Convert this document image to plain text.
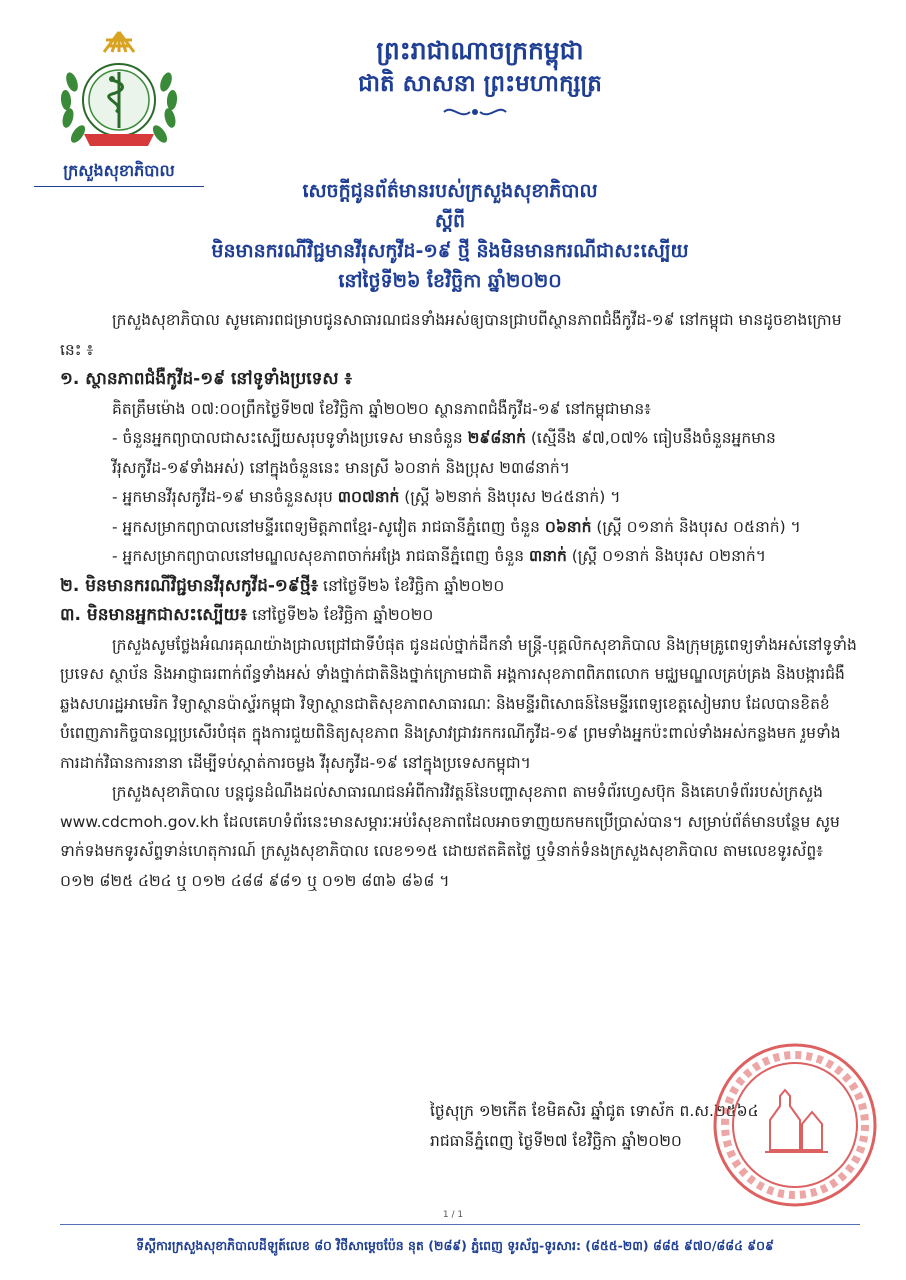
ក្រសួងសុខាភិបាល
ព្រះរាជាណាចក្រកម្ពុជា
ជាតិ សាសនា ព្រះមហាក្សត្រ
សេចក្តីជូនព័ត៌មានរបស់ក្រសួងសុខាភិបាល
ស្តីពី
មិនមានករណីវិជ្ជមានវីរុសកូវីដ-១៩ ថ្មី និងមិនមានករណីជាសះស្បើយ
នៅថ្ងៃទី២៦ ខែវិច្ឆិកា ឆ្នាំ២០២០

ក្រសួងសុខាភិបាល សូមគោរពជម្រាបជូនសាធារណជនទាំងអស់ឲ្យបានជ្រាបពីស្ថានភាពជំងឺកូវីដ-១៩ នៅកម្ពុជា មានដូចខាងក្រោមនេះ ៖

១. ស្ថានភាពជំងឺកូវីដ-១៩ នៅទូទាំងប្រទេស ៖

គិតត្រឹមម៉ោង ០៧:០០ព្រឹកថ្ងៃទី២៧ ខែវិច្ឆិកា ឆ្នាំ២០២០ ស្ថានភាពជំងឺកូវីដ-១៩ នៅកម្ពុជាមាន៖

- ចំនួនអ្នកព្យាបាលជាសះស្បើយសរុបទូទាំងប្រទេស មានចំនួន ២៩៨នាក់ (ស្មើនឹង ៩៧,០៧% ធៀបនឹងចំនួនអ្នកមានវីរុសកូវីដ-១៩ទាំងអស់) នៅក្នុងចំនួននេះ មានស្រី ៦០នាក់ និងប្រុស ២៣៨នាក់។

- អ្នកមានវីរុសកូវីដ-១៩ មានចំនួនសរុប ៣០៧នាក់ (ស្ត្រី ៦២នាក់ និងបុរស ២៤៥នាក់) ។

- អ្នកសម្រាកព្យាបាលនៅមន្ទីរពេទ្យមិត្តភាពខ្មែរ-សូវៀត រាជធានីភ្នំពេញ ចំនួន ០៦នាក់ (ស្ត្រី ០១នាក់ និងបុរស ០៥នាក់) ។

- អ្នកសម្រាកព្យាបាលនៅមណ្ឌលសុខភាពចាក់អង្រែ រាជធានីភ្នំពេញ ចំនួន ៣នាក់ (ស្ត្រី ០១នាក់ និងបុរស ០២នាក់។

២. មិនមានករណីវិជ្ជមានវីរុសកូវីដ-១៩ថ្មី៖ នៅថ្ងៃទី២៦ ខែវិច្ឆិកា ឆ្នាំ២០២០

៣. មិនមានអ្នកជាសះស្បើយ៖ នៅថ្ងៃទី២៦ ខែវិច្ឆិកា ឆ្នាំ២០២០

ក្រសួងសូមថ្លែងអំណរគុណយ៉ាងជ្រាលជ្រៅជាទីបំផុត ជូនដល់ថ្នាក់ដឹកនាំ មន្ត្រី-បុគ្គលិកសុខាភិបាល និងក្រុមគ្រូពេទ្យទាំងអស់នៅទូទាំងប្រទេស ស្ថាប័ន និងអាជ្ញាធរពាក់ព័ន្ធទាំងអស់ ទាំងថ្នាក់ជាតិនិងថ្នាក់ក្រោមជាតិ អង្គការសុខភាពពិភពលោក មជ្ឈមណ្ឌលគ្រប់គ្រង និងបង្ការជំងឺឆ្លងសហរដ្ឋអាមេរិក វិទ្យាស្ថានប៉ាស្ទ័រកម្ពុជា វិទ្យាស្ថានជាតិសុខភាពសាធារណៈ និងមន្ទីរពិសោធន៍នៃមន្ទីរពេទ្យខេត្តសៀមរាប ដែលបានខិតខំបំពេញភារកិច្ចបានល្អប្រសើរបំផុត ក្នុងការជួយពិនិត្យសុខភាព និងស្រាវជ្រាវរកករណីកូវីដ-១៩ ព្រមទាំងអ្នកប៉ះពាល់ទាំងអស់កន្លងមក រួមទាំងការដាក់វិធានការនានា ដើម្បីទប់ស្កាត់ការចម្លង វីរុសកូវីដ-១៩ នៅក្នុងប្រទេសកម្ពុជា។

ក្រសួងសុខាភិបាល បន្តជូនដំណឹងដល់សាធារណជនអំពីការវិវត្តន៍នៃបញ្ហាសុខភាព តាមទំព័រហ្វេសប៊ុក និងគេហទំព័ររបស់ក្រសួង www.cdcmoh.gov.kh ដែលគេហទំព័រនេះមានសម្ភារៈអប់រំសុខភាពដែលអាចទាញយកមកប្រើប្រាស់បាន។ សម្រាប់ព័ត៌មានបន្ថែម សូមទាក់ទងមកទូរស័ព្ទទាន់ហេតុការណ៍ ក្រសួងសុខាភិបាល លេខ១១៥ ដោយឥតគិតថ្លៃ ឬទំនាក់ទំនងក្រសួងសុខាភិបាល តាមលេខទូរស័ព្ទ៖ ០១២ ៨២៥ ៤២៤ ឬ ០១២ ៤៨៨ ៩៨១ ឬ ០១២ ៨៣៦ ៨៦៨ ។

ថ្ងៃសុក្រ ១២កើត ខែមិគសិរ ឆ្នាំជូត ទោស័ក ព.ស.២៥៦៤
រាជធានីភ្នំពេញ ថ្ងៃទី២៧ ខែវិច្ឆិកា ឆ្នាំ២០២០
1 / 1
ទីស្តីការក្រសួងសុខាភិបាលដីឡូត៍លេខ ៨០ វិថីសាម្តេចប៉ែន នុត (២៨៩) ភ្នំពេញ ទូរស័ព្ទ-ទូរសារ: (៨៥៥-២៣) ៨៨៥ ៩៧០/៨៨៤ ៩០៩
